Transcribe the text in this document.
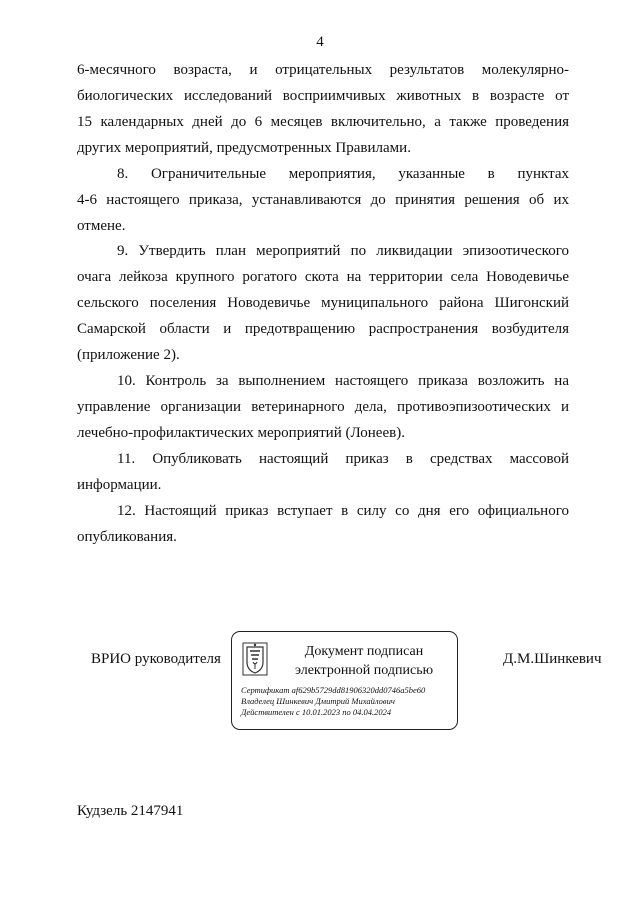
4
6-месячного возраста, и отрицательных результатов молекулярно-
биологических исследований восприимчивых животных в возрасте от
15 календарных дней до 6 месяцев включительно, а также проведения
других мероприятий, предусмотренных Правилами.
8. Ограничительные мероприятия, указанные в пунктах
4-6 настоящего приказа, устанавливаются до принятия решения об их
отмене.
9. Утвердить план мероприятий по ликвидации эпизоотического
очага лейкоза крупного рогатого скота на территории села Новодевичье
сельского поселения Новодевичье муниципального района Шигонский
Самарской области и предотвращению распространения возбудителя
(приложение 2).
10. Контроль за выполнением настоящего приказа возложить на
управление организации ветеринарного дела, противоэпизоотических и
лечебно-профилактических мероприятий (Лонеев).
11. Опубликовать настоящий приказ в средствах массовой
информации.
12. Настоящий приказ вступает в силу со дня его официального
опубликования.
ВРИО руководителя	Документ подписан
электронной подписью
Сертификат af629b5729dd81906320dd0746a5be60
Владелец Шинкевич Дмитрий Михайлович
Действителен с 10.01.2023 по 04.04.2024
Д.М.Шинкевич
Кудзель 2147941
